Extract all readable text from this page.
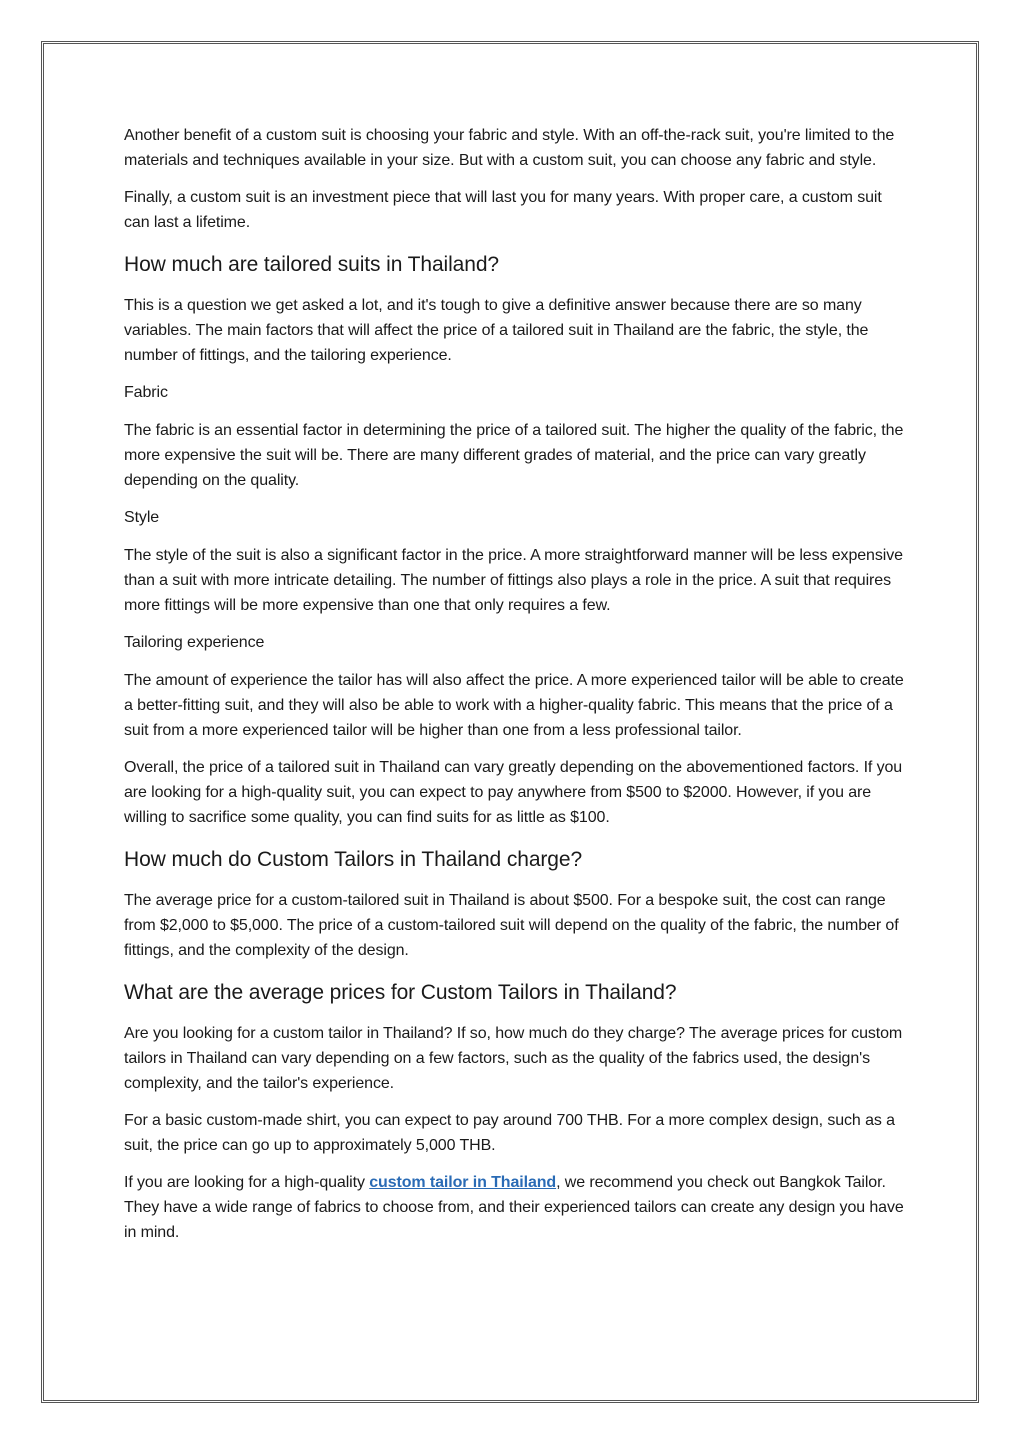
Another benefit of a custom suit is choosing your fabric and style. With an off-the-rack suit, you're limited to the materials and techniques available in your size. But with a custom suit, you can choose any fabric and style.

Finally, a custom suit is an investment piece that will last you for many years. With proper care, a custom suit can last a lifetime.

How much are tailored suits in Thailand?

This is a question we get asked a lot, and it's tough to give a definitive answer because there are so many variables. The main factors that will affect the price of a tailored suit in Thailand are the fabric, the style, the number of fittings, and the tailoring experience.

Fabric

The fabric is an essential factor in determining the price of a tailored suit. The higher the quality of the fabric, the more expensive the suit will be. There are many different grades of material, and the price can vary greatly depending on the quality.

Style

The style of the suit is also a significant factor in the price. A more straightforward manner will be less expensive than a suit with more intricate detailing. The number of fittings also plays a role in the price. A suit that requires more fittings will be more expensive than one that only requires a few.

Tailoring experience

The amount of experience the tailor has will also affect the price. A more experienced tailor will be able to create a better-fitting suit, and they will also be able to work with a higher-quality fabric. This means that the price of a suit from a more experienced tailor will be higher than one from a less professional tailor.

Overall, the price of a tailored suit in Thailand can vary greatly depending on the abovementioned factors. If you are looking for a high-quality suit, you can expect to pay anywhere from $500 to $2000. However, if you are willing to sacrifice some quality, you can find suits for as little as $100.

How much do Custom Tailors in Thailand charge?

The average price for a custom-tailored suit in Thailand is about $500. For a bespoke suit, the cost can range from $2,000 to $5,000. The price of a custom-tailored suit will depend on the quality of the fabric, the number of fittings, and the complexity of the design.

What are the average prices for Custom Tailors in Thailand?

Are you looking for a custom tailor in Thailand? If so, how much do they charge? The average prices for custom tailors in Thailand can vary depending on a few factors, such as the quality of the fabrics used, the design's complexity, and the tailor's experience.

For a basic custom-made shirt, you can expect to pay around 700 THB. For a more complex design, such as a suit, the price can go up to approximately 5,000 THB.

If you are looking for a high-quality custom tailor in Thailand, we recommend you check out Bangkok Tailor. They have a wide range of fabrics to choose from, and their experienced tailors can create any design you have in mind.
